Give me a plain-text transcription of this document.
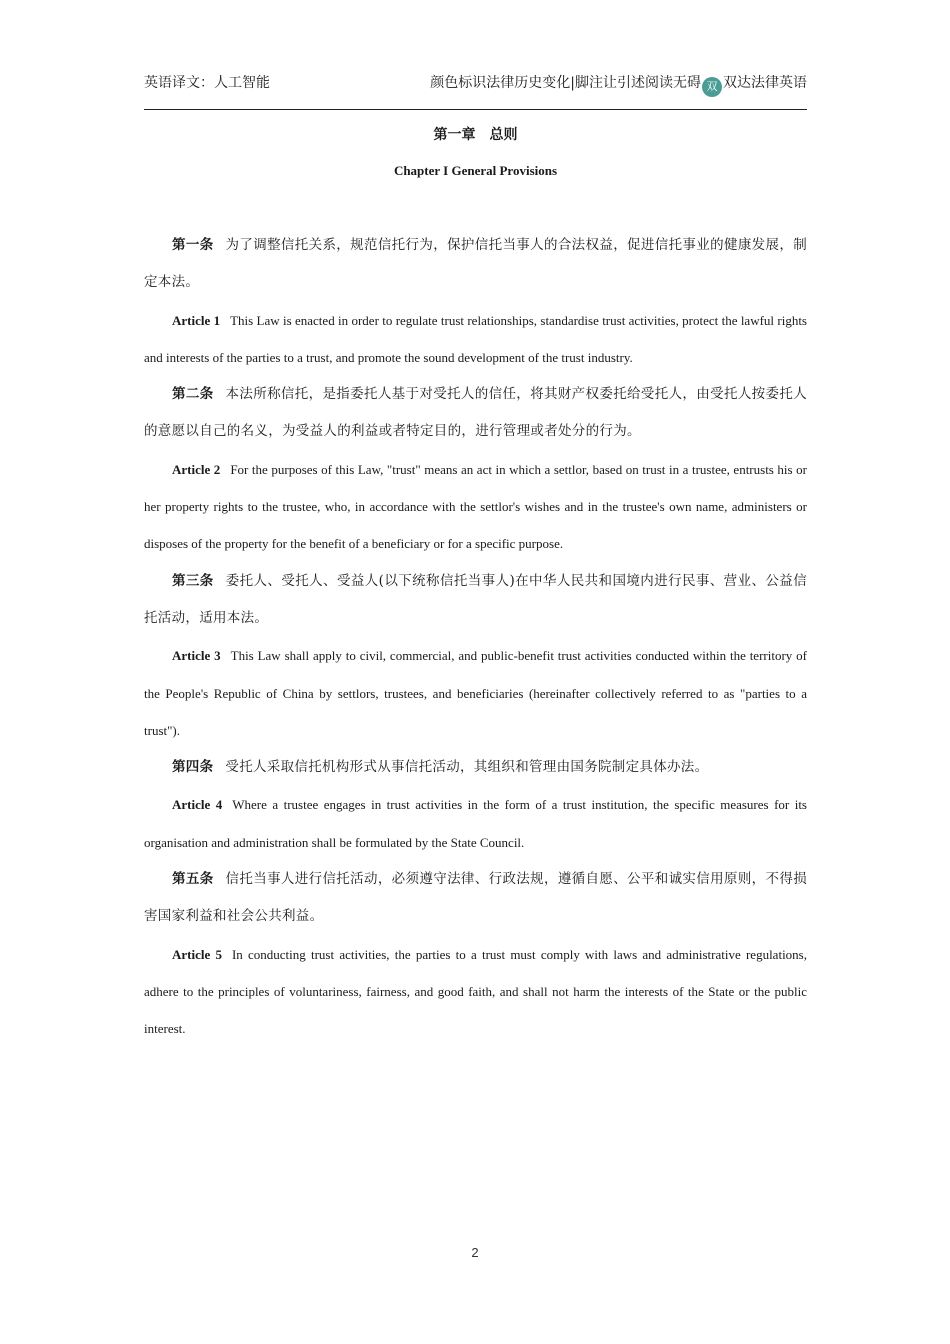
英语译文：人工智能	颜色标识法律历史变化|脚注让引述阅读无碍 双 双达法律英语
第一章　总则
Chapter I General Provisions

第一条 为了调整信托关系，规范信托行为，保护信托当事人的合法权益，促进信托事业的健康发展，制定本法。

Article 1 This Law is enacted in order to regulate trust relationships, standardise trust activities, protect the lawful rights and interests of the parties to a trust, and promote the sound development of the trust industry.

第二条 本法所称信托，是指委托人基于对受托人的信任，将其财产权委托给受托人，由受托人按委托人的意愿以自己的名义，为受益人的利益或者特定目的，进行管理或者处分的行为。

Article 2 For the purposes of this Law, "trust" means an act in which a settlor, based on trust in a trustee, entrusts his or her property rights to the trustee, who, in accordance with the settlor's wishes and in the trustee's own name, administers or disposes of the property for the benefit of a beneficiary or for a specific purpose.

第三条 委托人、受托人、受益人(以下统称信托当事人)在中华人民共和国境内进行民事、营业、公益信托活动，适用本法。

Article 3 This Law shall apply to civil, commercial, and public-benefit trust activities conducted within the territory of the People's Republic of China by settlors, trustees, and beneficiaries (hereinafter collectively referred to as "parties to a trust").

第四条 受托人采取信托机构形式从事信托活动，其组织和管理由国务院制定具体办法。

Article 4 Where a trustee engages in trust activities in the form of a trust institution, the specific measures for its organisation and administration shall be formulated by the State Council.

第五条 信托当事人进行信托活动，必须遵守法律、行政法规，遵循自愿、公平和诚实信用原则，不得损害国家利益和社会公共利益。

Article 5 In conducting trust activities, the parties to a trust must comply with laws and administrative regulations, adhere to the principles of voluntariness, fairness, and good faith, and shall not harm the interests of the State or the public interest.

2
